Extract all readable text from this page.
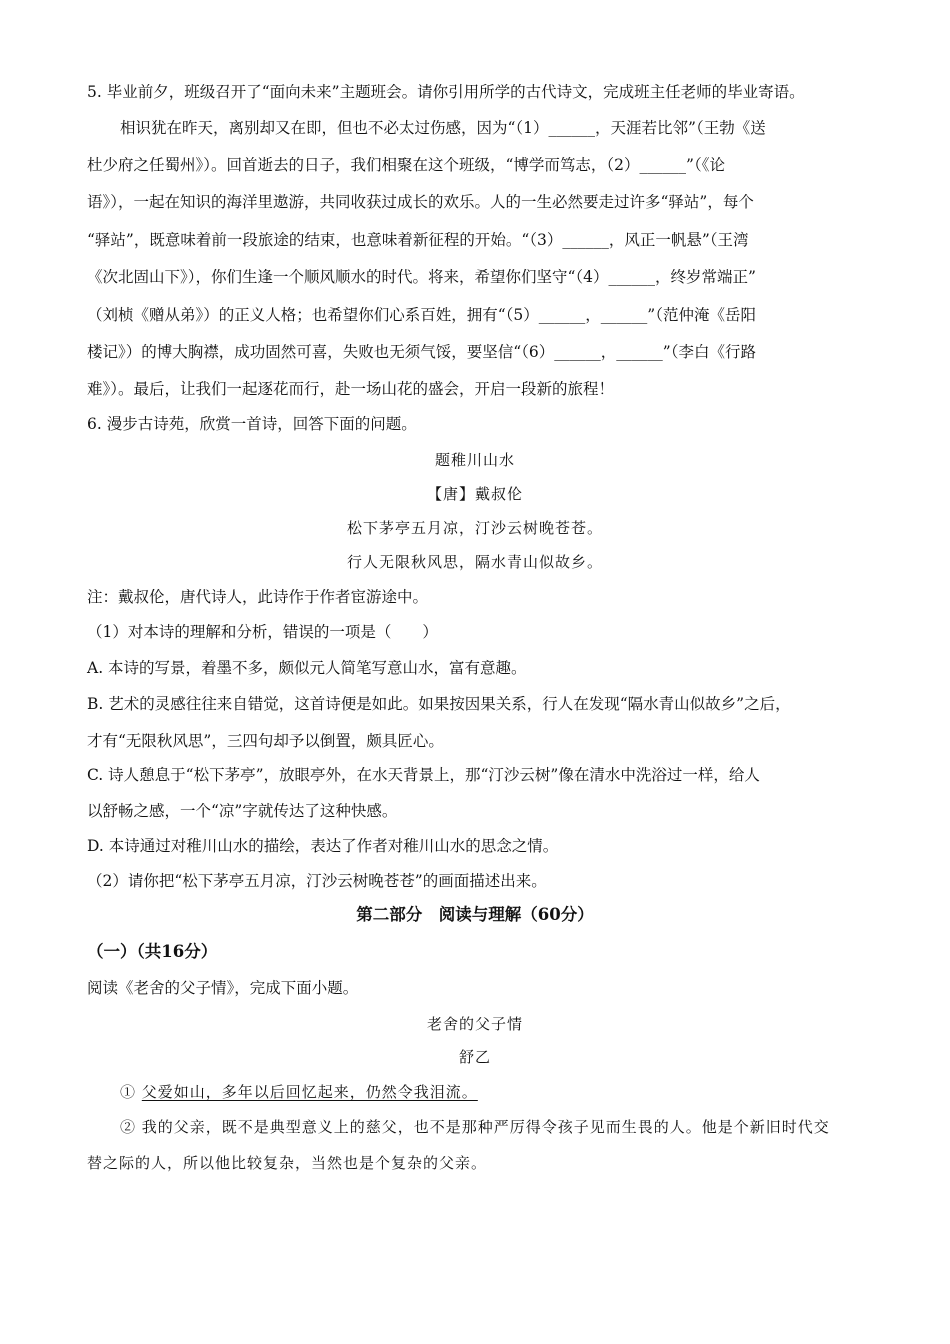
5. 毕业前夕，班级召开了“面向未来”主题班会。请你引用所学的古代诗文，完成班主任老师的毕业寄语。
相识犹在昨天，离别却又在即，但也不必太过伤感，因为“（1）______，天涯若比邻”（王勃《送
杜少府之任蜀州》）。回首逝去的日子，我们相聚在这个班级，“博学而笃志，（2）______”（《论
语》），一起在知识的海洋里遨游，共同收获过成长的欢乐。人的一生必然要走过许多“驿站”，每个
“驿站”，既意味着前一段旅途的结束，也意味着新征程的开始。“（3）______，风正一帆悬”（王湾
《次北固山下》），你们生逢一个顺风顺水的时代。将来，希望你们坚守“（4）______，终岁常端正”
（刘桢《赠从弟》）的正义人格；也希望你们心系百姓，拥有“（5）______，______”（范仲淹《岳阳
楼记》）的博大胸襟，成功固然可喜，失败也无须气馁，要坚信“（6）______，______”（李白《行路
难》）。最后，让我们一起逐花而行，赴一场山花的盛会，开启一段新的旅程！
6. 漫步古诗苑，欣赏一首诗，回答下面的问题。
题稚川山水
【唐】戴叔伦
松下茅亭五月凉，汀沙云树晚苍苍。
行人无限秋风思，隔水青山似故乡。
注：戴叔伦，唐代诗人，此诗作于作者宦游途中。
（1）对本诗的理解和分析，错误的一项是（　　）
A. 本诗的写景，着墨不多，颇似元人简笔写意山水，富有意趣。
B. 艺术的灵感往往来自错觉，这首诗便是如此。如果按因果关系，行人在发现“隔水青山似故乡”之后，
才有“无限秋风思”，三四句却予以倒置，颇具匠心。
C. 诗人憩息于“松下茅亭”，放眼亭外，在水天背景上，那“汀沙云树”像在清水中洗浴过一样，给人
以舒畅之感，一个“凉”字就传达了这种快感。
D. 本诗通过对稚川山水的描绘，表达了作者对稚川山水的思念之情。
（2）请你把“松下茅亭五月凉，汀沙云树晚苍苍”的画面描述出来。
第二部分　阅读与理解（60分）
（一）（共16分）
阅读《老舍的父子情》，完成下面小题。
老舍的父子情
舒乙
① 父爱如山，多年以后回忆起来，仍然令我泪流。
② 我的父亲，既不是典型意义上的慈父，也不是那种严厉得令孩子见而生畏的人。他是个新旧时代交
替之际的人，所以他比较复杂，当然也是个复杂的父亲。
